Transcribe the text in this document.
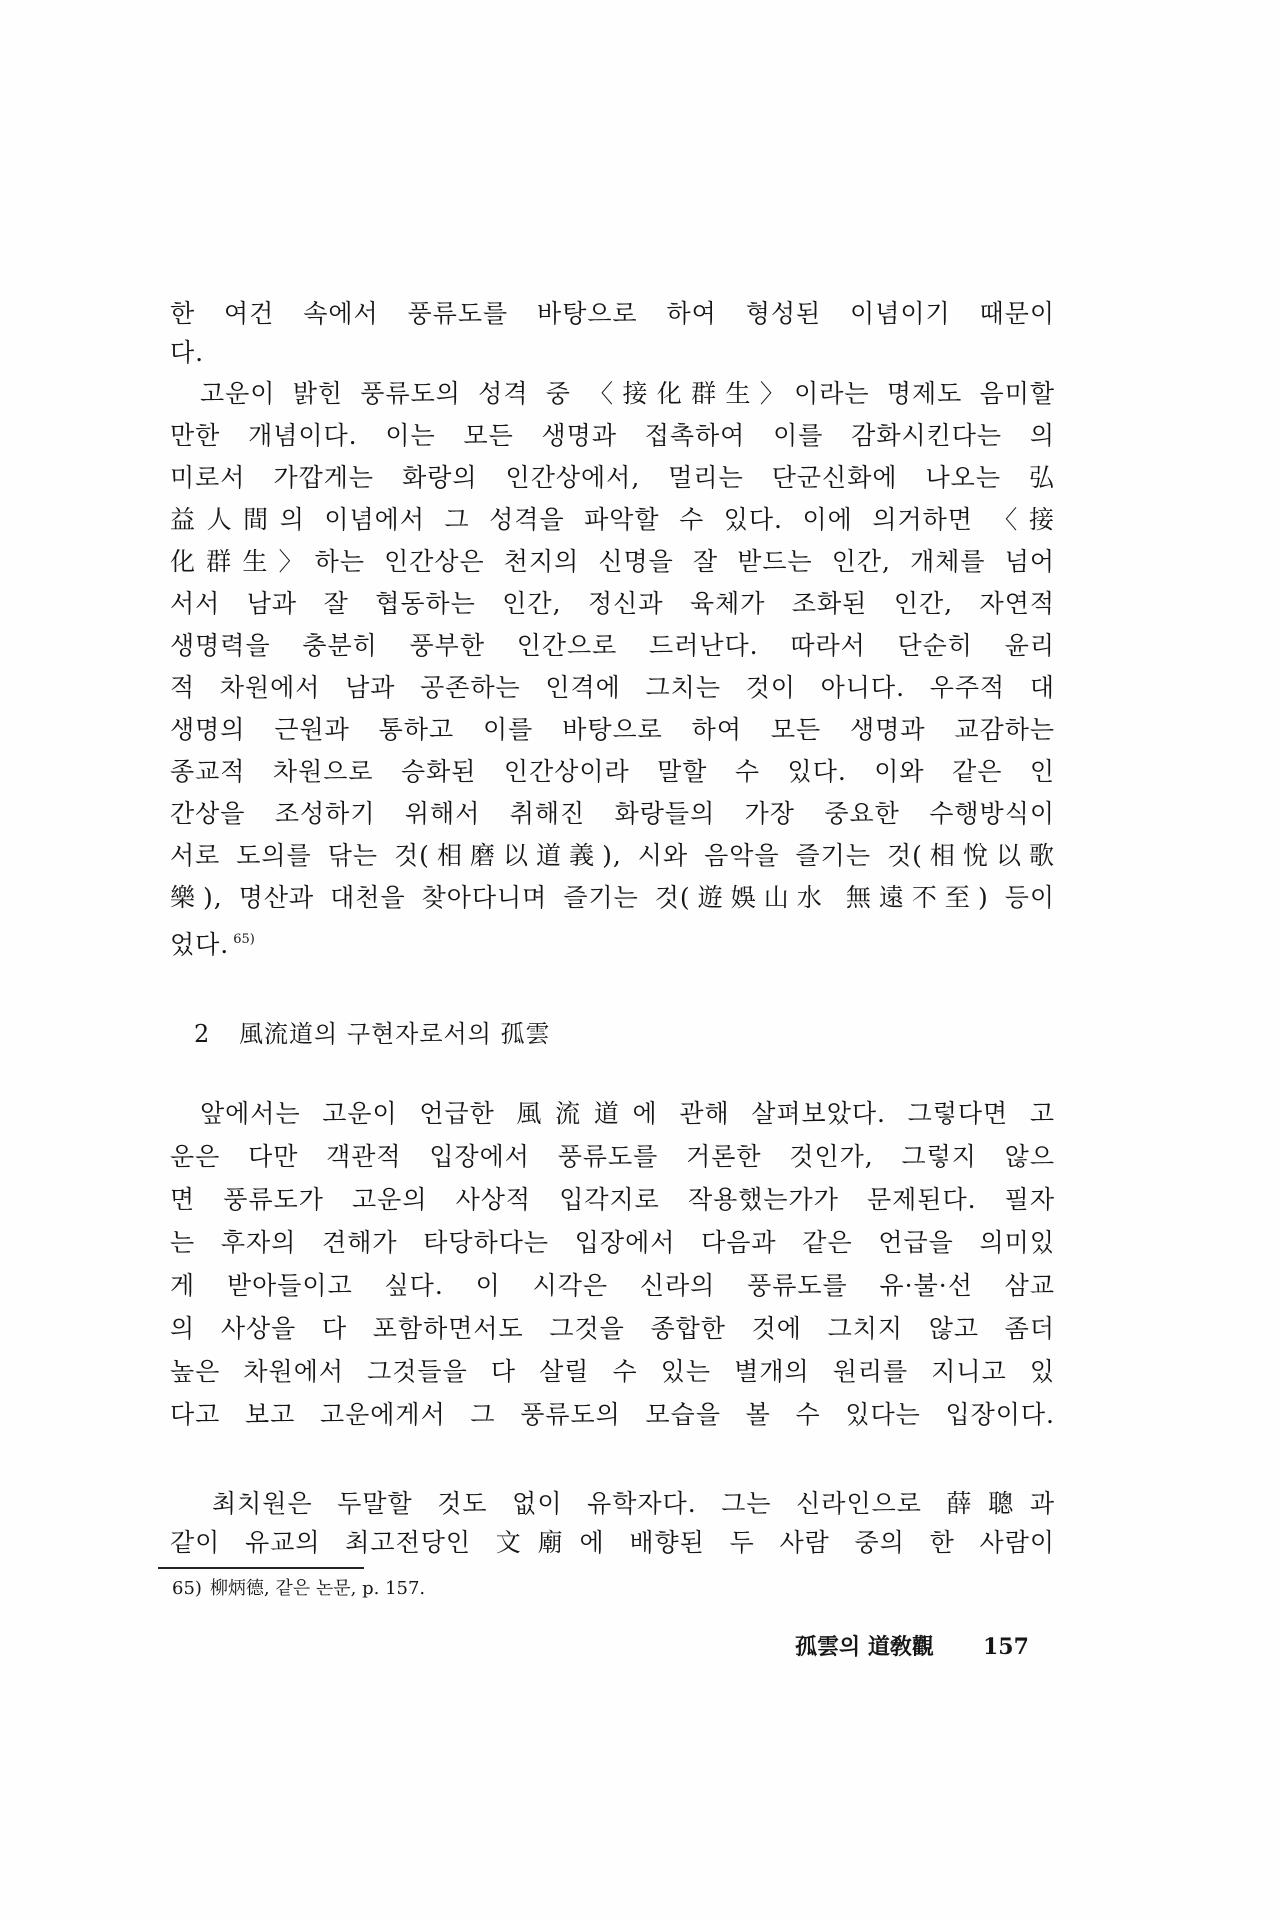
한 여건 속에서 풍류도를 바탕으로 하여 형성된 이념이기 때문이
다.
고운이 밝힌 풍류도의 성격 중 〈接化群生〉이라는 명제도 음미할
만한 개념이다. 이는 모든 생명과 접촉하여 이를 감화시킨다는 의
미로서 가깝게는 화랑의 인간상에서, 멀리는 단군신화에 나오는 弘
益人間의 이념에서 그 성격을 파악할 수 있다. 이에 의거하면 〈接
化群生〉하는 인간상은 천지의 신명을 잘 받드는 인간, 개체를 넘어
서서 남과 잘 협동하는 인간, 정신과 육체가 조화된 인간, 자연적
생명력을 충분히 풍부한 인간으로 드러난다. 따라서 단순히 윤리
적 차원에서 남과 공존하는 인격에 그치는 것이 아니다. 우주적 대
생명의 근원과 통하고 이를 바탕으로 하여 모든 생명과 교감하는
종교적 차원으로 승화된 인간상이라 말할 수 있다. 이와 같은 인
간상을 조성하기 위해서 취해진 화랑들의 가장 중요한 수행방식이
서로 도의를 닦는 것(相磨以道義), 시와 음악을 즐기는 것(相悅以歌
樂), 명산과 대천을 찾아다니며 즐기는 것(遊娛山水 無遠不至) 등이
었다. $^{65)}$
2 風流道의 구현자로서의 孤雲
앞에서는 고운이 언급한 風流道에 관해 살펴보았다. 그렇다면 고
운은 다만 객관적 입장에서 풍류도를 거론한 것인가, 그렇지 않으
면 풍류도가 고운의 사상적 입각지로 작용했는가가 문제된다. 필자
는 후자의 견해가 타당하다는 입장에서 다음과 같은 언급을 의미있
게 받아들이고 싶다. 이 시각은 신라의 풍류도를 유·불·선 삼교
의 사상을 다 포함하면서도 그것을 종합한 것에 그치지 않고 좀더
높은 차원에서 그것들을 다 살릴 수 있는 별개의 원리를 지니고 있
다고 보고 고운에게서 그 풍류도의 모습을 볼 수 있다는 입장이다.
최치원은 두말할 것도 없이 유학자다. 그는 신라인으로 薛聰과
같이 유교의 최고전당인 文廟에 배향된 두 사람 중의 한 사람이
65) 柳炳德, 같은 논문, p. 157.
孤雲의 道敎觀 157
